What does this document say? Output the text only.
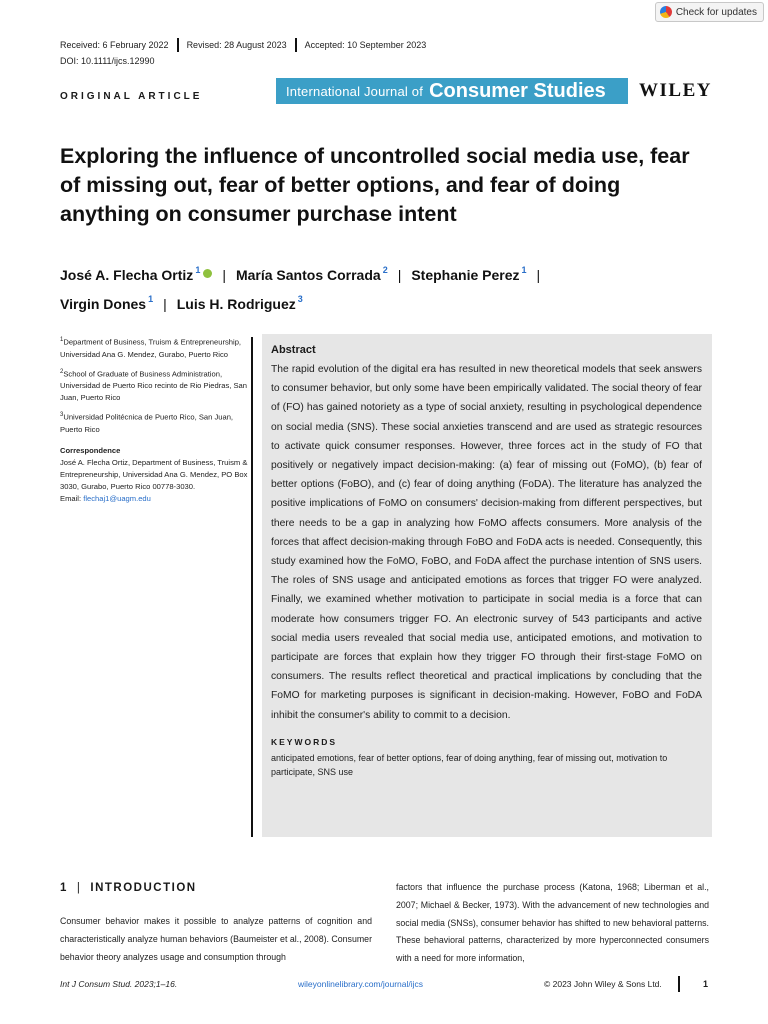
Check for updates
Received: 6 February 2022 Revised: 28 August 2023 Accepted: 10 September 2023
DOI: 10.1111/ijcs.12990
ORIGINAL ARTICLE	International Journal of Consumer Studies WILEY
Exploring the influence of uncontrolled social media use, fear of missing out, fear of better options, and fear of doing anything on consumer purchase intent
José A. Flecha Ortiz $^1$ | María Santos Corrada $^2$ | Stephanie Perez $^1$ |
Virgin Dones $^1$ | Luis H. Rodriguez $^3$

$^1$Department of Business, Truism & Entrepreneurship, Universidad Ana G. Mendez, Gurabo, Puerto Rico

$^2$School of Graduate of Business Administration, Universidad de Puerto Rico recinto de Rio Piedras, San Juan, Puerto Rico

$^3$Universidad Politécnica de Puerto Rico, San Juan, Puerto Rico

Correspondence
José A. Flecha Ortiz, Department of Business, Truism & Entrepreneurship, Universidad Ana G. Mendez, PO Box 3030, Gurabo, Puerto Rico 00778-3030.
Email: flechaj1@uagm.edu
Abstract
The rapid evolution of the digital era has resulted in new theoretical models that seek answers to consumer behavior, but only some have been empirically validated. The social theory of fear of (FO) has gained notoriety as a type of social anxiety, resulting in psychological dependence on social media (SNS). These social anxieties transcend and are used as strategic resources to activate quick consumer responses. However, three forces act in the study of FO that positively or negatively impact decision-making: (a) fear of missing out (FoMO), (b) fear of better options (FoBO), and (c) fear of doing anything (FoDA). The literature has analyzed the positive implications of FoMO on consumers' decision-making from different perspectives, but there needs to be a gap in analyzing how FoMO affects consumers. More analysis of the forces that affect decision-making through FoBO and FoDA acts is needed. Consequently, this study examined how the FoMO, FoBO, and FoDA affect the purchase intention of SNS users. The roles of SNS usage and anticipated emotions as forces that trigger FO were analyzed. Finally, we examined whether motivation to participate in social media is a force that can moderate how consumers trigger FO. An electronic survey of 543 participants and active social media users revealed that social media use, anticipated emotions, and motivation to participate are forces that explain how they trigger FO through their first-stage FoMO on consumers. The results reflect theoretical and practical implications by concluding that the FoMO for marketing purposes is significant in decision-making. However, FoBO and FoDA inhibit the consumer's ability to commit to a decision.
KEYWORDS
anticipated emotions, fear of better options, fear of doing anything, fear of missing out, motivation to participate, SNS use
1 | INTRODUCTION
Consumer behavior makes it possible to analyze patterns of cognition and characteristically analyze human behaviors (Baumeister et al., 2008). Consumer behavior theory analyzes usage and consumption through
factors that influence the purchase process (Katona, 1968; Liberman et al., 2007; Michael & Becker, 1973). With the advancement of new technologies and social media (SNSs), consumer behavior has shifted to new behavioral patterns. These behavioral patterns, characterized by more hyperconnected consumers with a need for more information,
Int J Consum Stud. 2023;1–16.	wileyonlinelibrary.com/journal/ijcs	© 2023 John Wiley & Sons Ltd.	1
